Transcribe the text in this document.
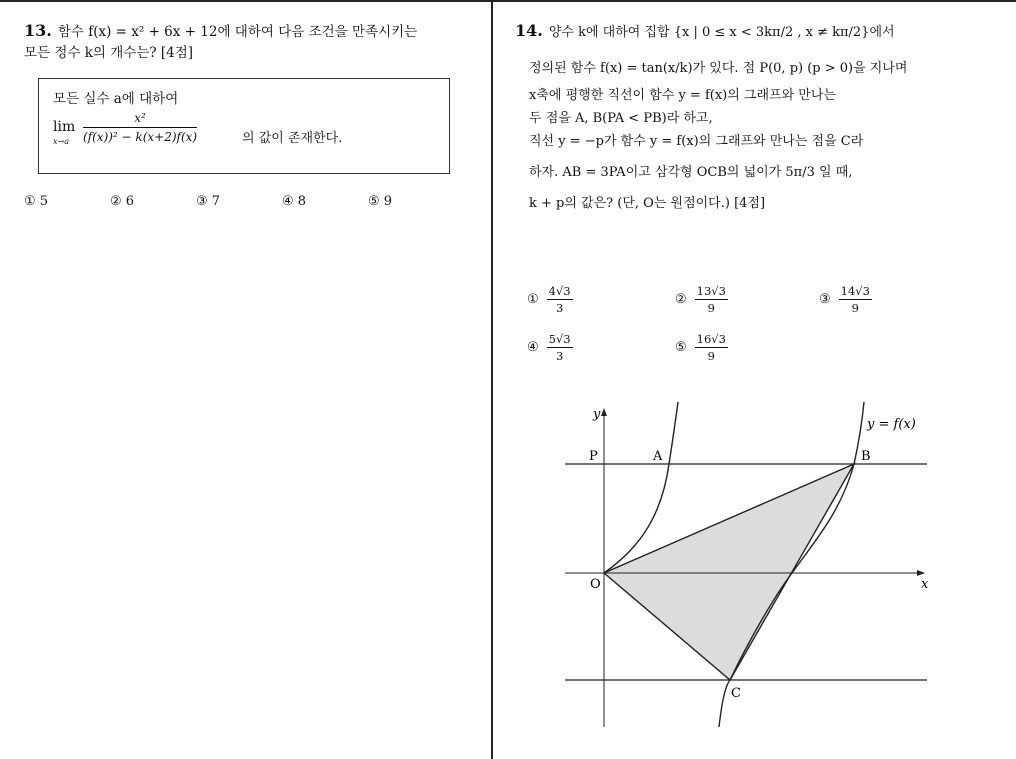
13. 함수 f(x) = x² + 6x + 12에 대하여 다음 조건을 만족시키는
모든 정수 k의 개수는? [4점]
모든 실수 a에 대하여
lim
$x\to a \frac{\text{x²}}{\text{(f(x))² − k(x+2)f(x)}}$	의 값이 존재한다.
① 5	② 6	③ 7	④ 8	⑤ 9
14. 양수 k에 대하여 집합 {x | 0 ≤ x < 3kπ/2 , x ≠ kπ/2}에서
정의된 함수 f(x) = tan(x/k)가 있다. 점 P(0, p) (p > 0)을 지나며
x축에 평행한 직선이 함수 y = f(x)의 그래프와 만나는
두 점을 A, B(PA < PB)라 하고,
직선 y = −p가 함수 y = f(x)의 그래프와 만나는 점을 C라
하자. AB = 3PA이고 삼각형 OCB의 넓이가 5π/3 일 때,
k + p의 값은? (단, O는 원점이다.) [4점]
① $\frac{4√3}{3}$	② $\frac{13√3}{9}$	③ $\frac{14√3}{9}$
④ $\frac{5√3}{3}$	⑤ $\frac{16√3}{9}$
y
x
O
P	A	B
C
y = f(x)
